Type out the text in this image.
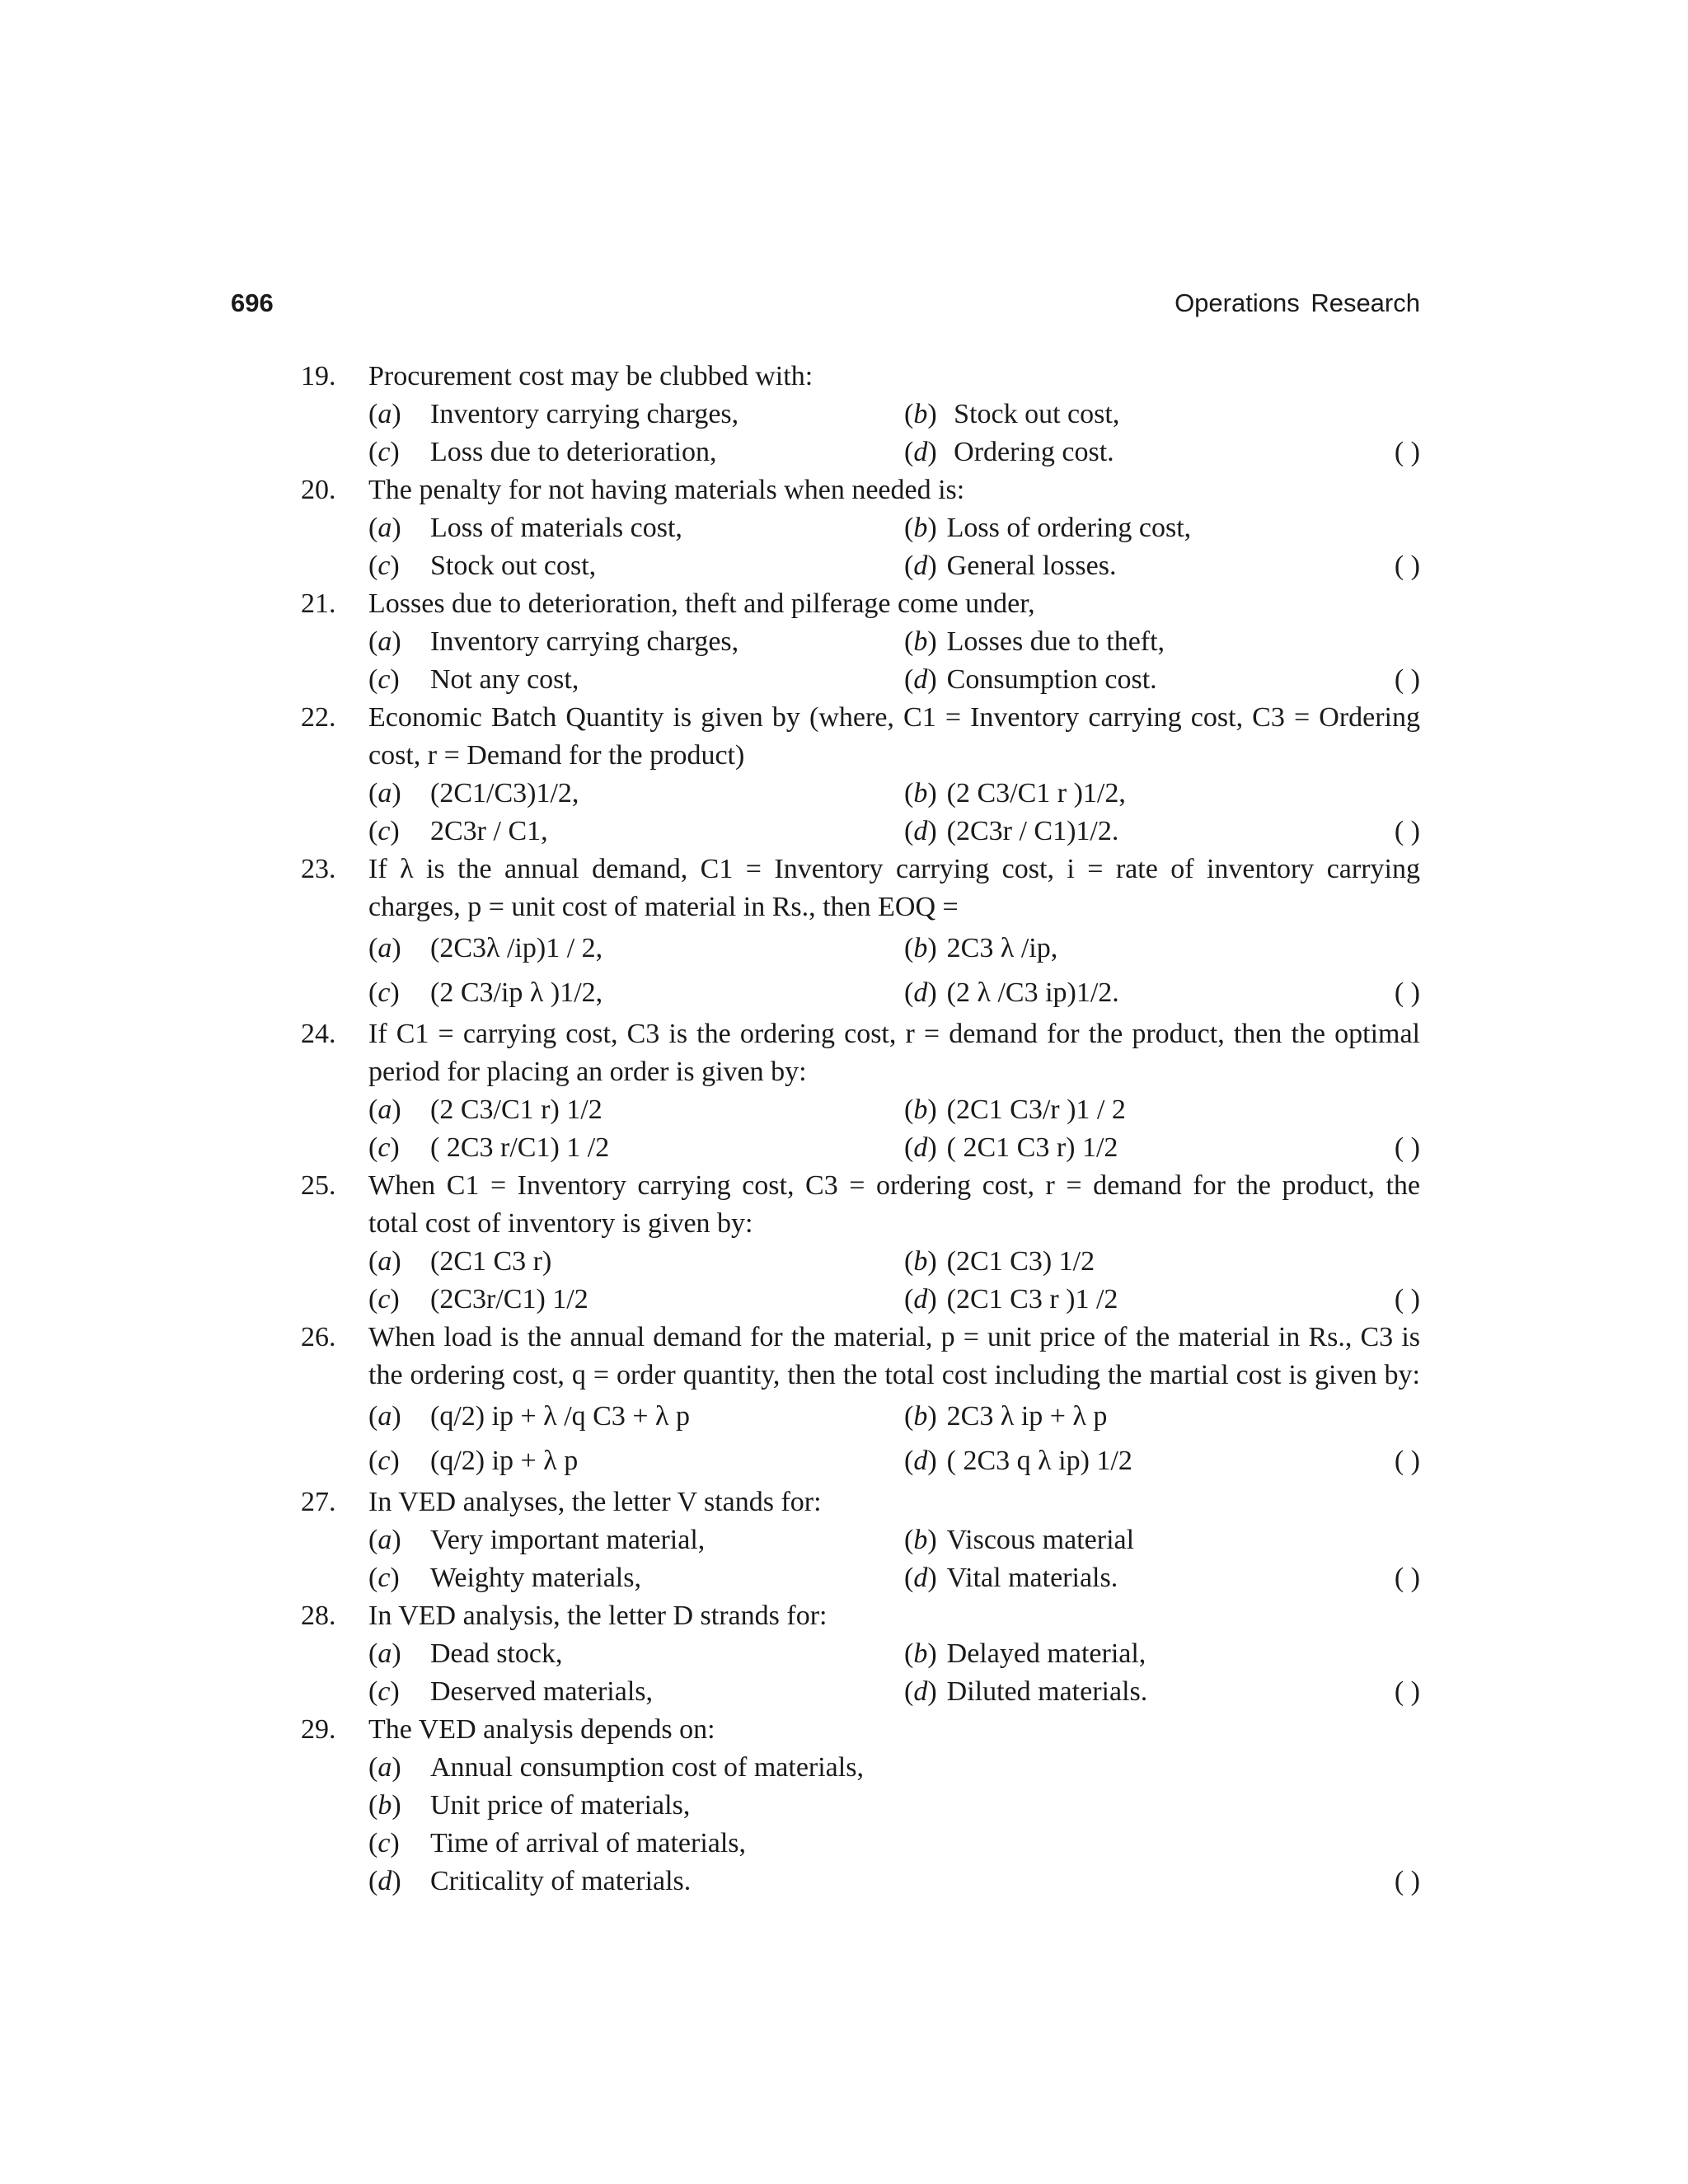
696	Operations Research
19. Procurement cost may be clubbed with:
(a) Inventory carrying charges,	(b) Stock out cost,
(c) Loss due to deterioration,	(d) Ordering cost.	( )
20. The penalty for not having materials when needed is:
(a) Loss of materials cost,	(b) Loss of ordering cost,
(c) Stock out cost,	(d) General losses.	( )
21. Losses due to deterioration, theft and pilferage come under,
(a) Inventory carrying charges,	(b) Losses due to theft,
(c) Not any cost,	(d) Consumption cost.	( )
22. Economic Batch Quantity is given by (where, C1 = Inventory carrying cost, C3 = Ordering
cost, r = Demand for the product)
(a) (2C1/C3)1/2,	(b) (2 C3/C1 r )1/2,
(c) 2C3r / C1,	(d) (2C3r / C1)1/2.	( )
23. If λ is the annual demand, C1 = Inventory carrying cost, i = rate of inventory carrying
charges, p = unit cost of material in Rs., then EOQ =
(a) (2C3λ /ip)1 / 2,	(b) 2C3 λ /ip,
(c) (2 C3/ip λ )1/2,	(d) (2 λ /C3 ip)1/2.	( )
24. If C1 = carrying cost, C3 is the ordering cost, r = demand for the product, then the optimal
period for placing an order is given by:
(a) (2 C3/C1 r) 1/2	(b) (2C1 C3/r )1 / 2
(c) ( 2C3 r/C1) 1 /2	(d) ( 2C1 C3 r) 1/2	( )
25. When C1 = Inventory carrying cost, C3 = ordering cost, r = demand for the product, the
total cost of inventory is given by:
(a) (2C1 C3 r)	(b) (2C1 C3) 1/2
(c) (2C3r/C1) 1/2	(d) (2C1 C3 r )1 /2	( )
26. When load is the annual demand for the material, p = unit price of the material in Rs., C3 is
the ordering cost, q = order quantity, then the total cost including the martial cost is given by:
(a) (q/2) ip + λ /q C3 + λ p	(b) 2C3 λ ip + λ p
(c) (q/2) ip + λ p	(d) ( 2C3 q λ ip) 1/2	( )
27. In VED analyses, the letter V stands for:
(a) Very important material,	(b) Viscous material
(c) Weighty materials,	(d) Vital materials.	( )
28. In VED analysis, the letter D strands for:
(a) Dead stock,	(b) Delayed material,
(c) Deserved materials,	(d) Diluted materials.	( )
29. The VED analysis depends on:
(a) Annual consumption cost of materials,
(b) Unit price of materials,
(c) Time of arrival of materials,
(d) Criticality of materials.	( )
